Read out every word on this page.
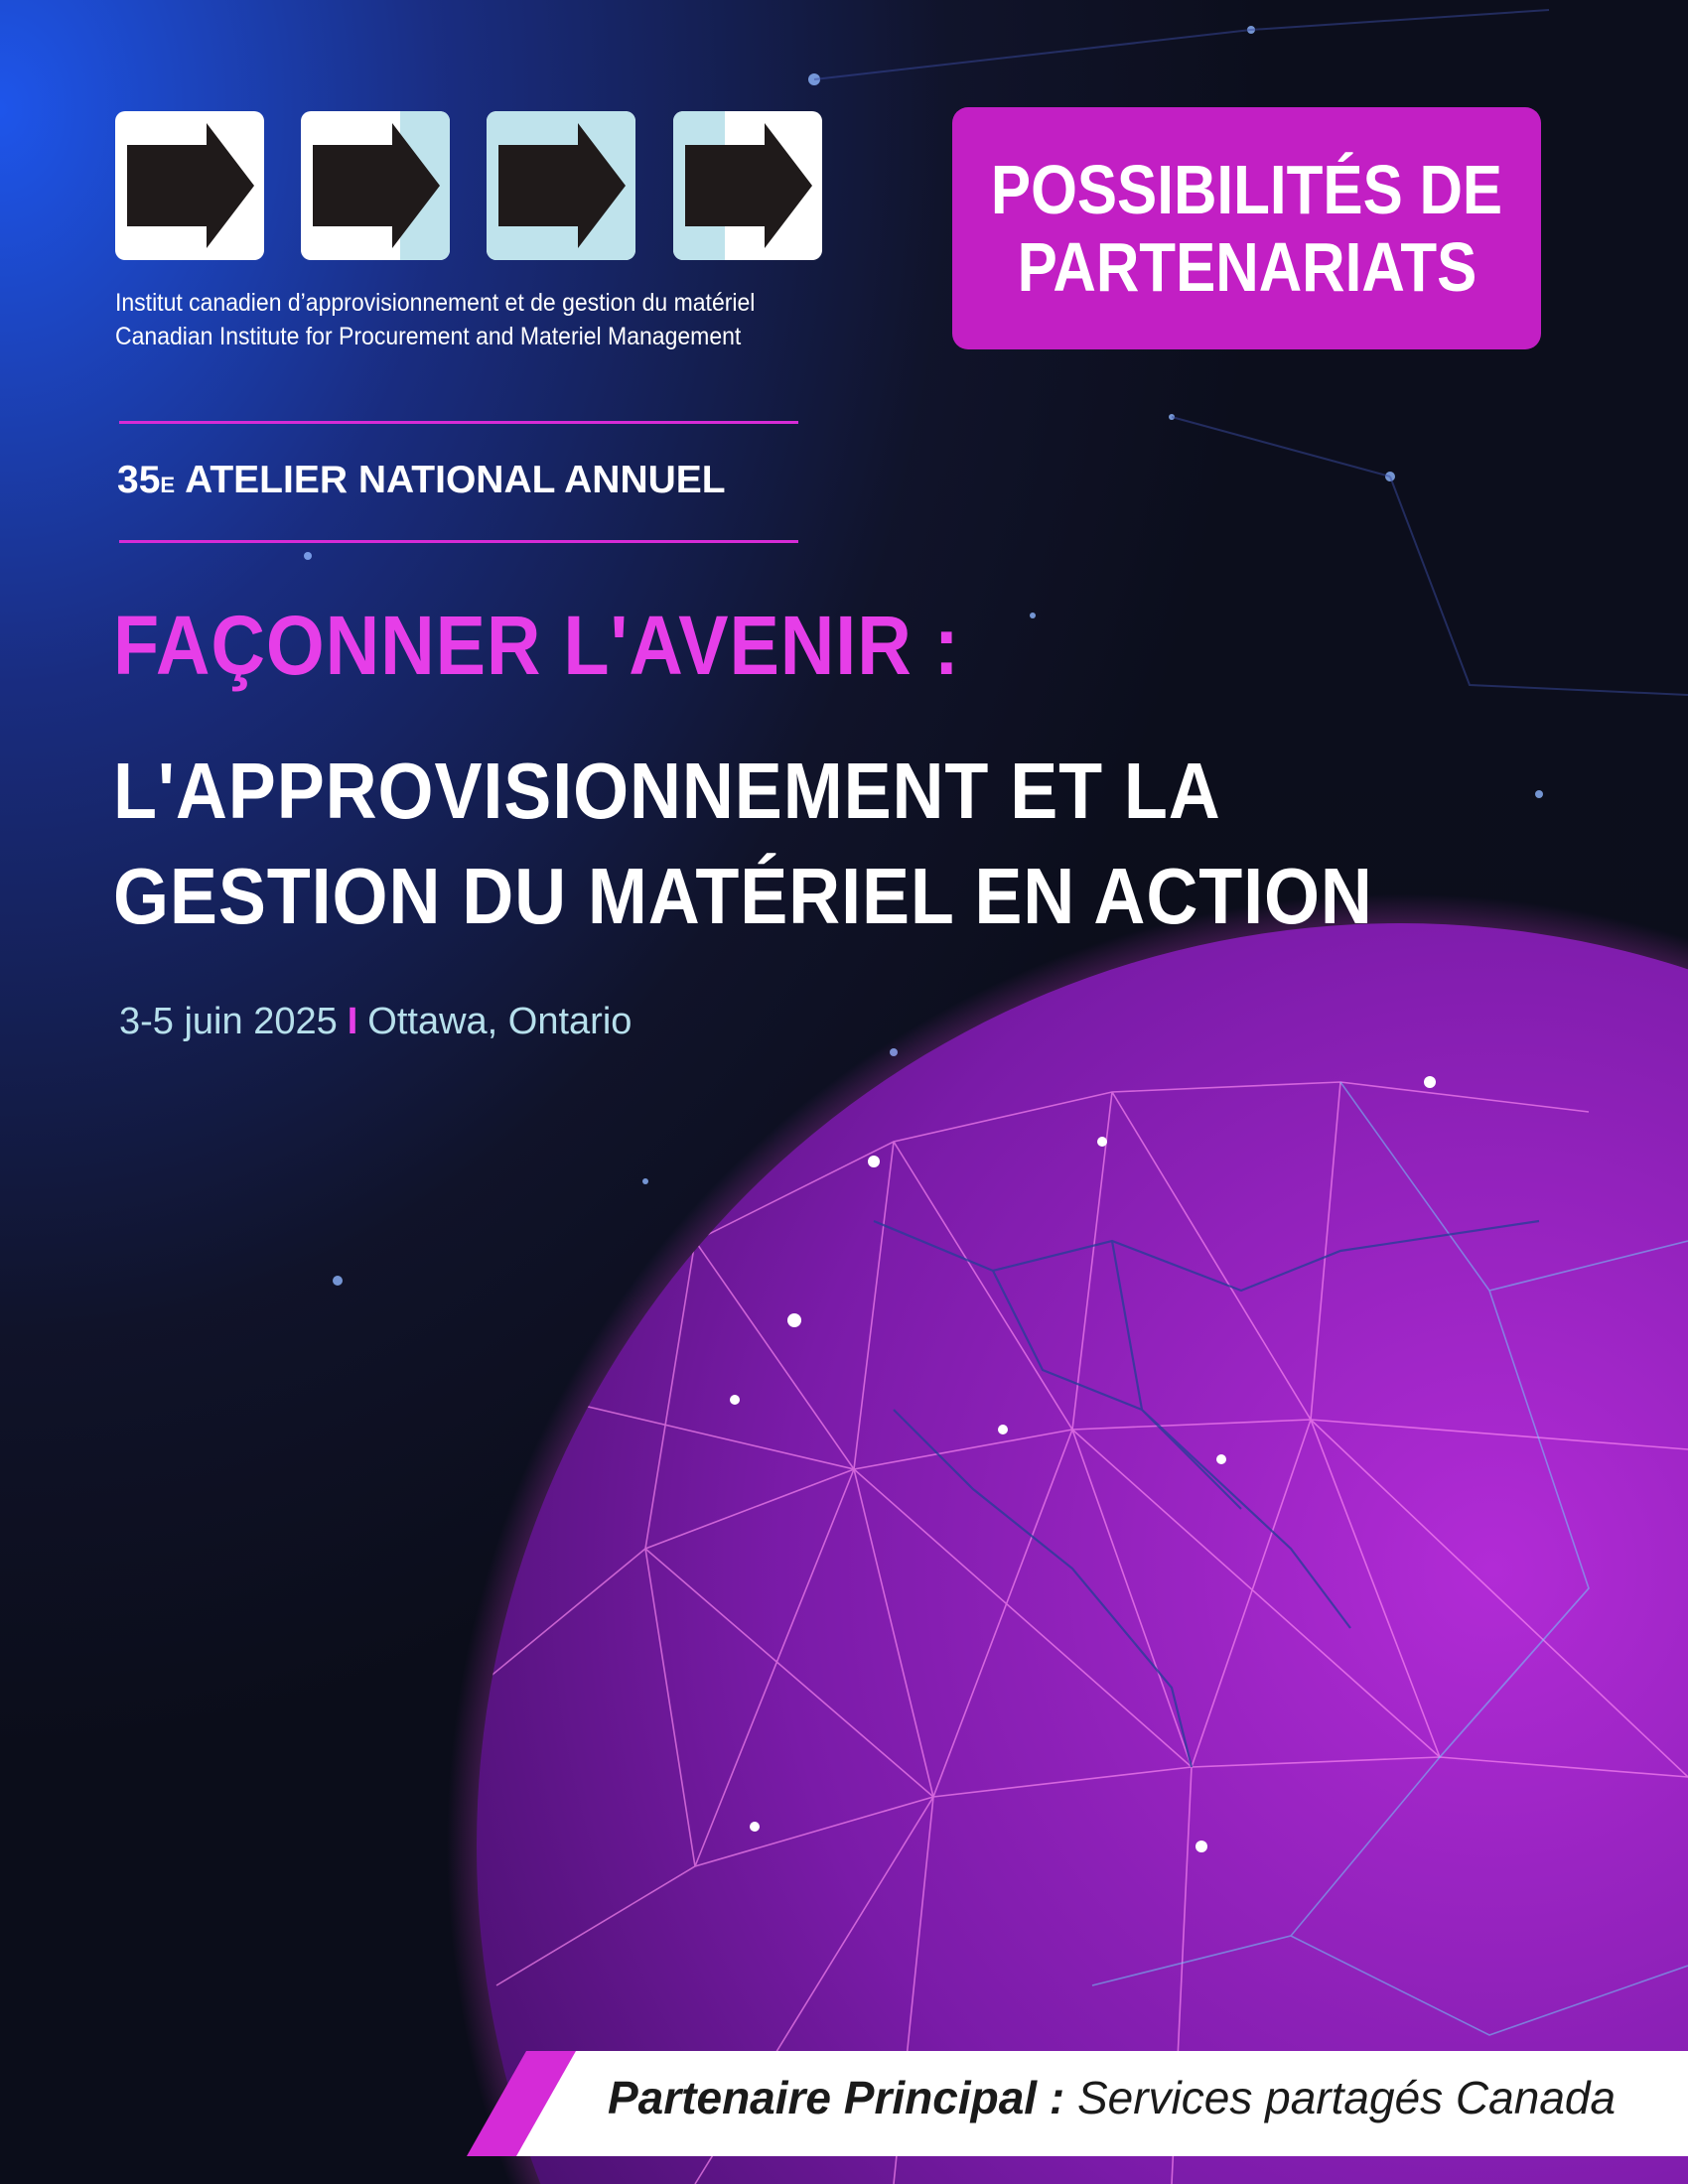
Institut canadien d’approvisionnement et de gestion du matériel
Canadian Institute for Procurement and Materiel Management
POSSIBILITÉS DE
PARTENARIATS
$35^E$ ATELIER NATIONAL ANNUEL
FAÇONNER L'AVENIR :
L'APPROVISIONNEMENT ET LA
GESTION DU MATÉRIEL EN ACTION
3-5 juin 2025 I Ottawa, Ontario
Partenaire Principal : Services partagés Canada
